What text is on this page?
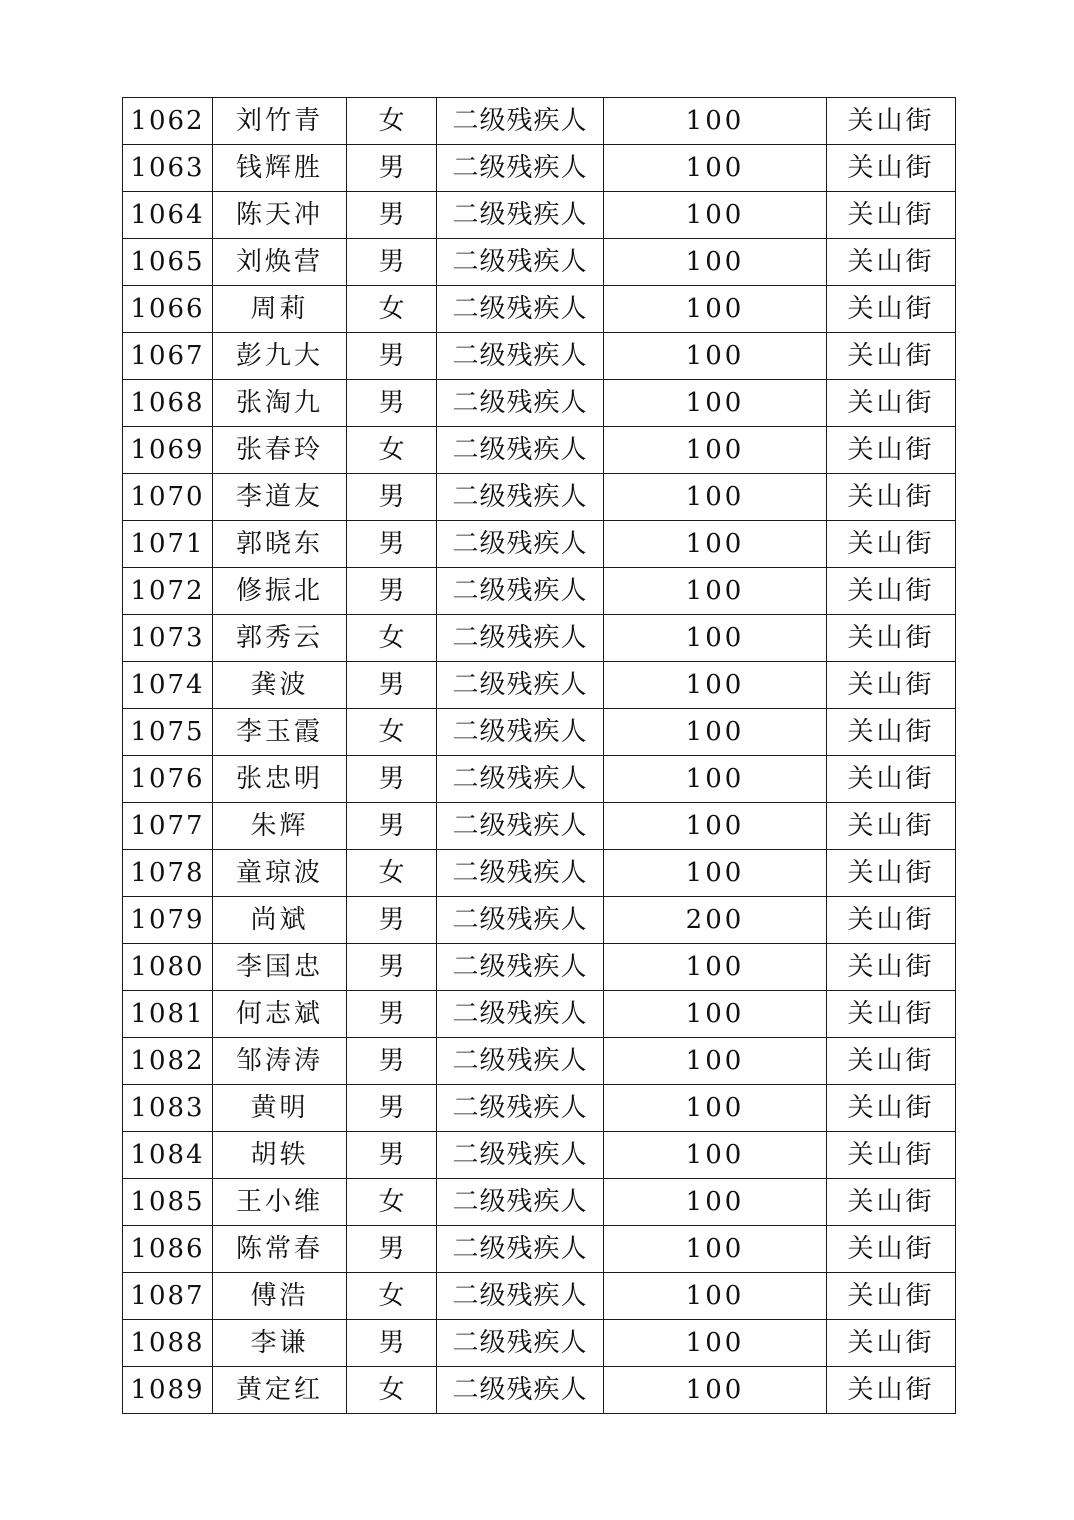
1062	刘竹青	女	二级残疾人	100	关山街
1063	钱辉胜	男	二级残疾人	100	关山街
1064	陈天冲	男	二级残疾人	100	关山街
1065	刘焕营	男	二级残疾人	100	关山街
1066	周莉	女	二级残疾人	100	关山街
1067	彭九大	男	二级残疾人	100	关山街
1068	张淘九	男	二级残疾人	100	关山街
1069	张春玲	女	二级残疾人	100	关山街
1070	李道友	男	二级残疾人	100	关山街
1071	郭晓东	男	二级残疾人	100	关山街
1072	修振北	男	二级残疾人	100	关山街
1073	郭秀云	女	二级残疾人	100	关山街
1074	龚波	男	二级残疾人	100	关山街
1075	李玉霞	女	二级残疾人	100	关山街
1076	张忠明	男	二级残疾人	100	关山街
1077	朱辉	男	二级残疾人	100	关山街
1078	童琼波	女	二级残疾人	100	关山街
1079	尚斌	男	二级残疾人	200	关山街
1080	李国忠	男	二级残疾人	100	关山街
1081	何志斌	男	二级残疾人	100	关山街
1082	邹涛涛	男	二级残疾人	100	关山街
1083	黄明	男	二级残疾人	100	关山街
1084	胡轶	男	二级残疾人	100	关山街
1085	王小维	女	二级残疾人	100	关山街
1086	陈常春	男	二级残疾人	100	关山街
1087	傅浩	女	二级残疾人	100	关山街
1088	李谦	男	二级残疾人	100	关山街
1089	黄定红	女	二级残疾人	100	关山街
